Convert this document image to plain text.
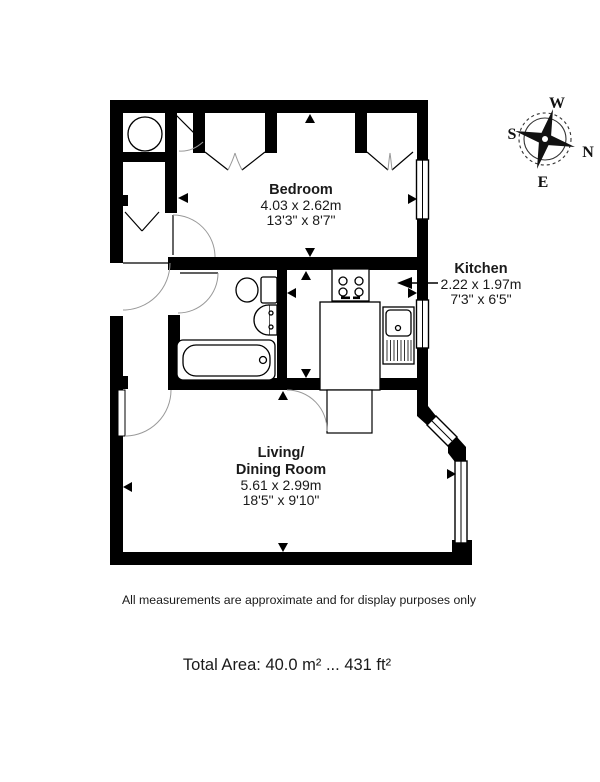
Bedroom
4.03 x 2.62m
13'3" x 8'7"
Kitchen
2.22 x 1.97m
7'3" x 6'5"
Living/
Dining Room
5.61 x 2.99m
18'5" x 9'10"
W
N
E
S
All measurements are approximate and for display purposes only
Total Area: 40.0 m² ... 431 ft²
